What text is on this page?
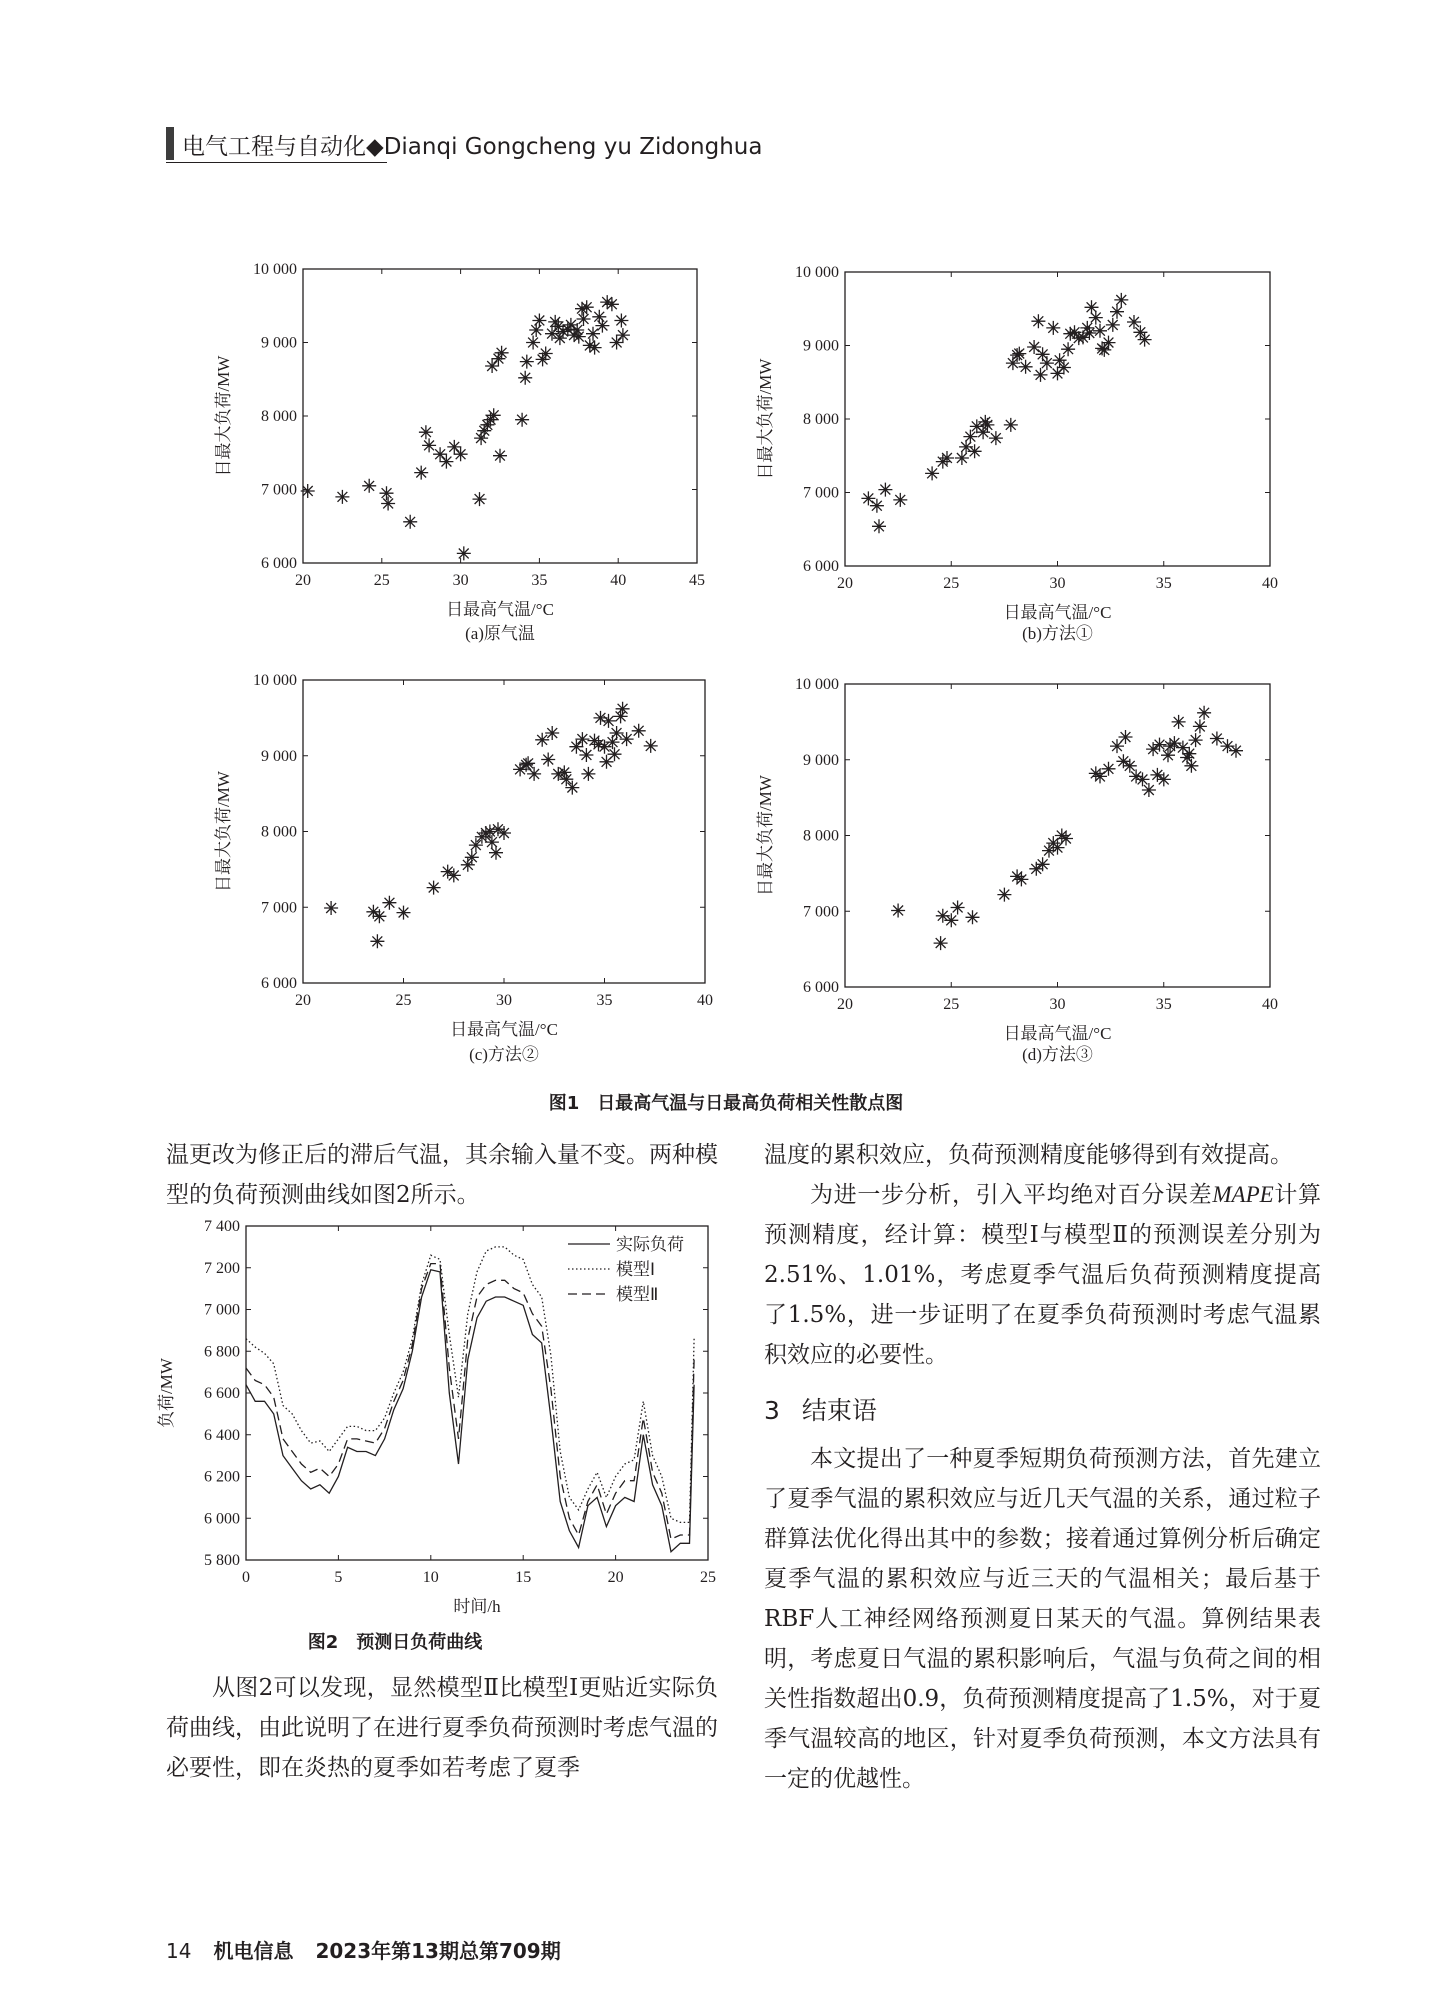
电气工程与自动化◆Dianqi Gongcheng yu Zidonghua
20	25	30	35	40	45
6 000
7 000
8 000
9 000
10 000
日最高气温/°C
日最大负荷/MW
(a)原气温
20	25	30	35	40
6 000
7 000
8 000
9 000
10 000
日最高气温/°C
日最大负荷/MW
(b)方法①
20	25	30	35	40
6 000
7 000
8 000
9 000
10 000
日最高气温/°C
日最大负荷/MW
(c)方法②
20	25	30	35	40
6 000
7 000
8 000
9 000
10 000
日最高气温/°C
日最大负荷/MW
(d)方法③
0	5	10	15	20	25
5 800
6 000
6 200
6 400
6 600
6 800
7 000
7 200
7 400
时间/h
负荷/MW
实际负荷
模型Ⅰ
模型Ⅱ
图1　日最高气温与日最高负荷相关性散点图
图2　预测日负荷曲线

温更改为修正后的滞后气温，其余输入量不变。两种模型的负荷预测曲线如图2所示。

从图2可以发现，显然模型Ⅱ比模型Ⅰ更贴近实际负荷曲线，由此说明了在进行夏季负荷预测时考虑气温的必要性，即在炎热的夏季如若考虑了夏季

温度的累积效应，负荷预测精度能够得到有效提高。

为进一步分析，引入平均绝对百分误差MAPE计算预测精度，经计算：模型Ⅰ与模型Ⅱ的预测误差分别为2.51%、1.01%，考虑夏季气温后负荷预测精度提高了1.5%，进一步证明了在夏季负荷预测时考虑气温累积效应的必要性。

3 结束语

本文提出了一种夏季短期负荷预测方法，首先建立了夏季气温的累积效应与近几天气温的关系，通过粒子群算法优化得出其中的参数；接着通过算例分析后确定夏季气温的累积效应与近三天的气温相关；最后基于RBF人工神经网络预测夏日某天的气温。算例结果表明，考虑夏日气温的累积影响后，气温与负荷之间的相关性指数超出0.9，负荷预测精度提高了1.5%，对于夏季气温较高的地区，针对夏季负荷预测，本文方法具有一定的优越性。

14 机电信息 2023年第13期总第709期
